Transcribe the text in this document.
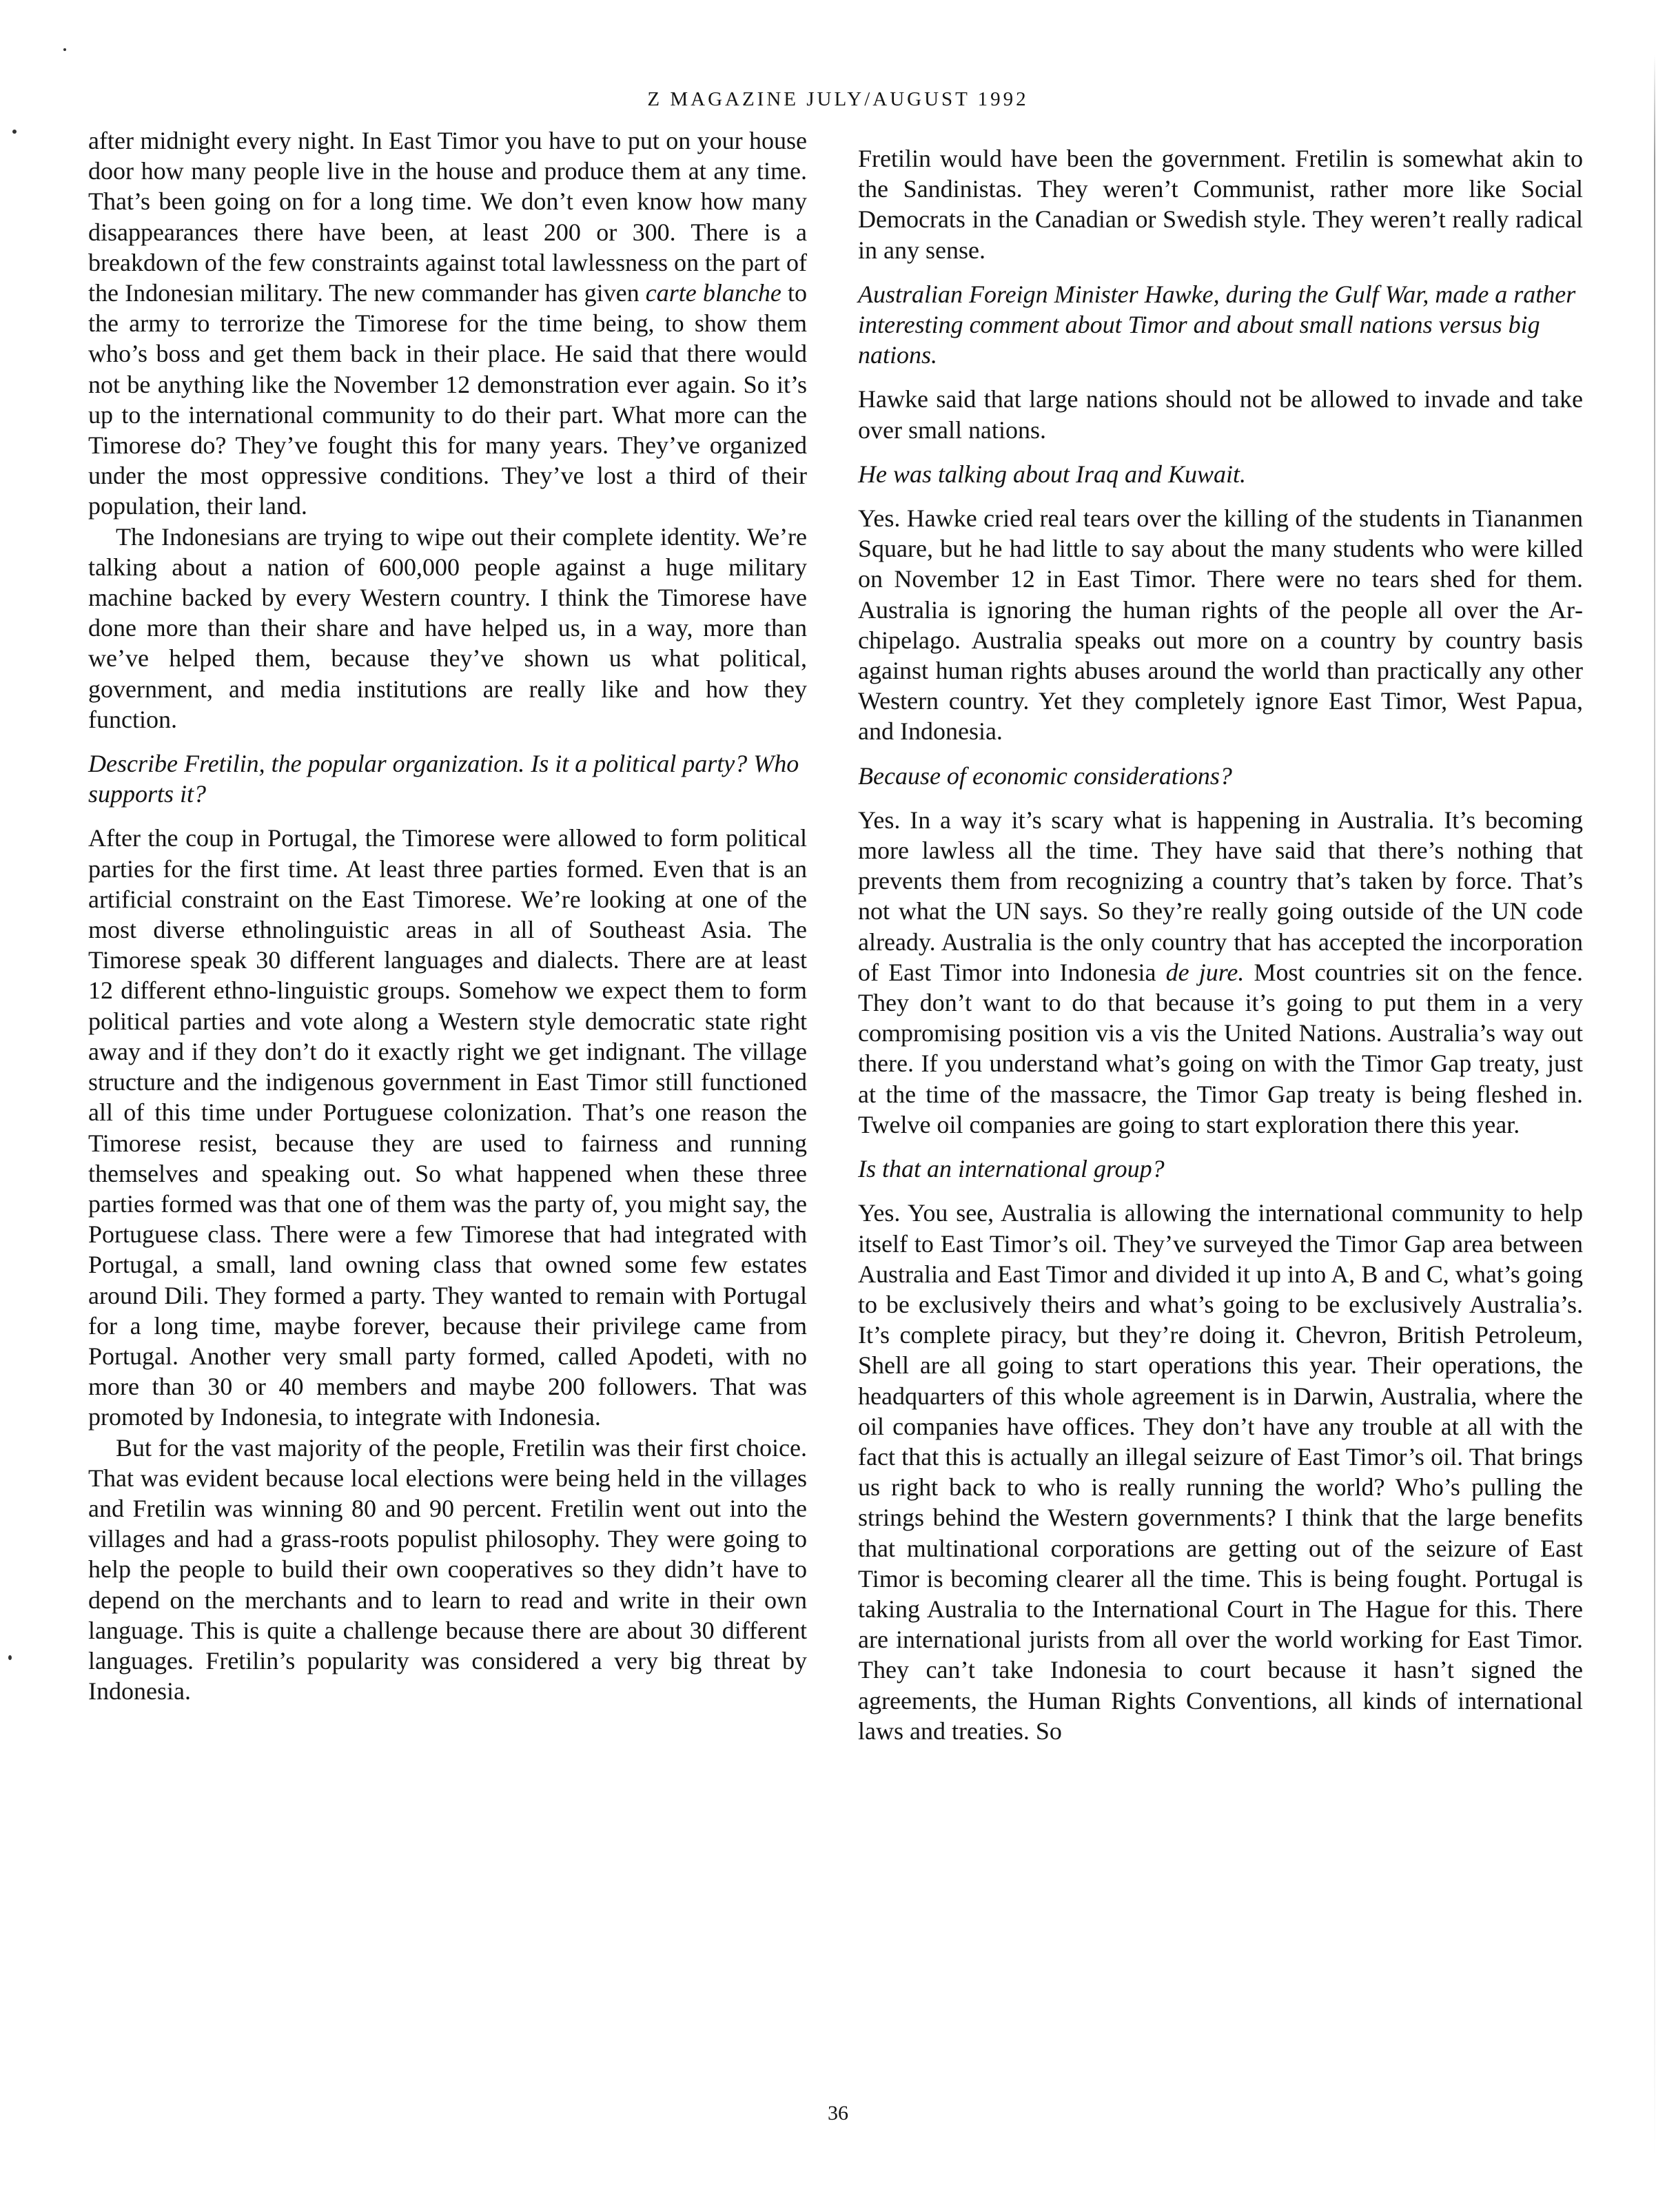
Z MAGAZINE JULY/AUGUST 1992

after midnight every night. In East Timor you have to put on your house door how many people live in the house and produce them at any time. That’s been going on for a long time. We don’t even know how many disappearances there have been, at least 200 or 300. There is a breakdown of the few constraints against total lawlessness on the part of the Indonesian military. The new commander has given carte blanche to the army to terrorize the Timorese for the time being, to show them who’s boss and get them back in their place. He said that there would not be anything like the November 12 demonstration ever again. So it’s up to the international community to do their part. What more can the Timorese do? They’ve fought this for many years. They’ve organized under the most oppressive conditions. They’ve lost a third of their population, their land.

The Indonesians are trying to wipe out their complete identity. We’re talking about a nation of 600,000 people against a huge military machine backed by every Western country. I think the Timorese have done more than their share and have helped us, in a way, more than we’ve helped them, because they’ve shown us what political, government, and media institutions are really like and how they function.

Describe Fretilin, the popular organization. Is it a political party? Who supports it?

After the coup in Portugal, the Timorese were allowed to form political parties for the first time. At least three parties formed. Even that is an artificial constraint on the East Timorese. We’re looking at one of the most diverse ethnolinguistic areas in all of Southeast Asia. The Timorese speak 30 different languages and dialects. There are at least 12 different ethno-linguistic groups. Somehow we expect them to form political parties and vote along a Western style democratic state right away and if they don’t do it exactly right we get indignant. The village structure and the indigenous government in East Timor still functioned all of this time under Portuguese colonization. That’s one reason the Timorese resist, because they are used to fairness and running themselves and speaking out. So what happened when these three parties formed was that one of them was the party of, you might say, the Portuguese class. There were a few Timorese that had integrated with Portugal, a small, land owning class that owned some few estates around Dili. They formed a party. They wanted to remain with Portugal for a long time, maybe forever, because their privilege came from Portugal. Another very small party formed, called Apodeti, with no more than 30 or 40 members and maybe 200 followers. That was promoted by Indonesia, to integrate with Indonesia.

But for the vast majority of the people, Fretilin was their first choice. That was evident because local elections were being held in the villages and Fretilin was winning 80 and 90 percent. Fretilin went out into the villages and had a grass-roots populist philosophy. They were going to help the people to build their own cooperatives so they didn’t have to depend on the merchants and to learn to read and write in their own language. This is quite a challenge because there are about 30 different languages. Fretilin’s popularity was considered a very big threat by Indonesia.

Fretilin would have been the government. Fretilin is somewhat akin to the Sandinistas. They weren’t Communist, rather more like Social Democrats in the Canadian or Swedish style. They weren’t really radical in any sense.

Australian Foreign Minister Hawke, during the Gulf War, made a rather interesting comment about Timor and about small nations versus big nations.

Hawke said that large nations should not be allowed to invade and take over small nations.

He was talking about Iraq and Kuwait.

Yes. Hawke cried real tears over the killing of the students in Tiananmen Square, but he had little to say about the many students who were killed on November 12 in East Timor. There were no tears shed for them. Australia is ignoring the human rights of the people all over the Archipelago. Australia speaks out more on a country by country basis against human rights abuses around the world than practically any other Western country. Yet they completely ignore East Timor, West Papua, and Indonesia.

Because of economic considerations?

Yes. In a way it’s scary what is happening in Australia. It’s becoming more lawless all the time. They have said that there’s nothing that prevents them from recognizing a country that’s taken by force. That’s not what the UN says. So they’re really going outside of the UN code already. Australia is the only country that has accepted the incorporation of East Timor into Indonesia de jure. Most countries sit on the fence. They don’t want to do that because it’s going to put them in a very compromising position vis a vis the United Nations. Australia’s way out there. If you understand what’s going on with the Timor Gap treaty, just at the time of the massacre, the Timor Gap treaty is being fleshed in. Twelve oil companies are going to start exploration there this year.

Is that an international group?

Yes. You see, Australia is allowing the international community to help itself to East Timor’s oil. They’ve surveyed the Timor Gap area between Australia and East Timor and divided it up into A, B and C, what’s going to be exclusively theirs and what’s going to be exclusively Australia’s. It’s complete piracy, but they’re doing it. Chevron, British Petroleum, Shell are all going to start operations this year. Their operations, the headquarters of this whole agreement is in Darwin, Australia, where the oil companies have offices. They don’t have any trouble at all with the fact that this is actually an illegal seizure of East Timor’s oil. That brings us right back to who is really running the world? Who’s pulling the strings behind the Western governments? I think that the large benefits that multinational corporations are getting out of the seizure of East Timor is becoming clearer all the time. This is being fought. Portugal is taking Australia to the International Court in The Hague for this. There are international jurists from all over the world working for East Timor. They can’t take Indonesia to court because it hasn’t signed the agreements, the Human Rights Conventions, all kinds of international laws and treaties. So

36
